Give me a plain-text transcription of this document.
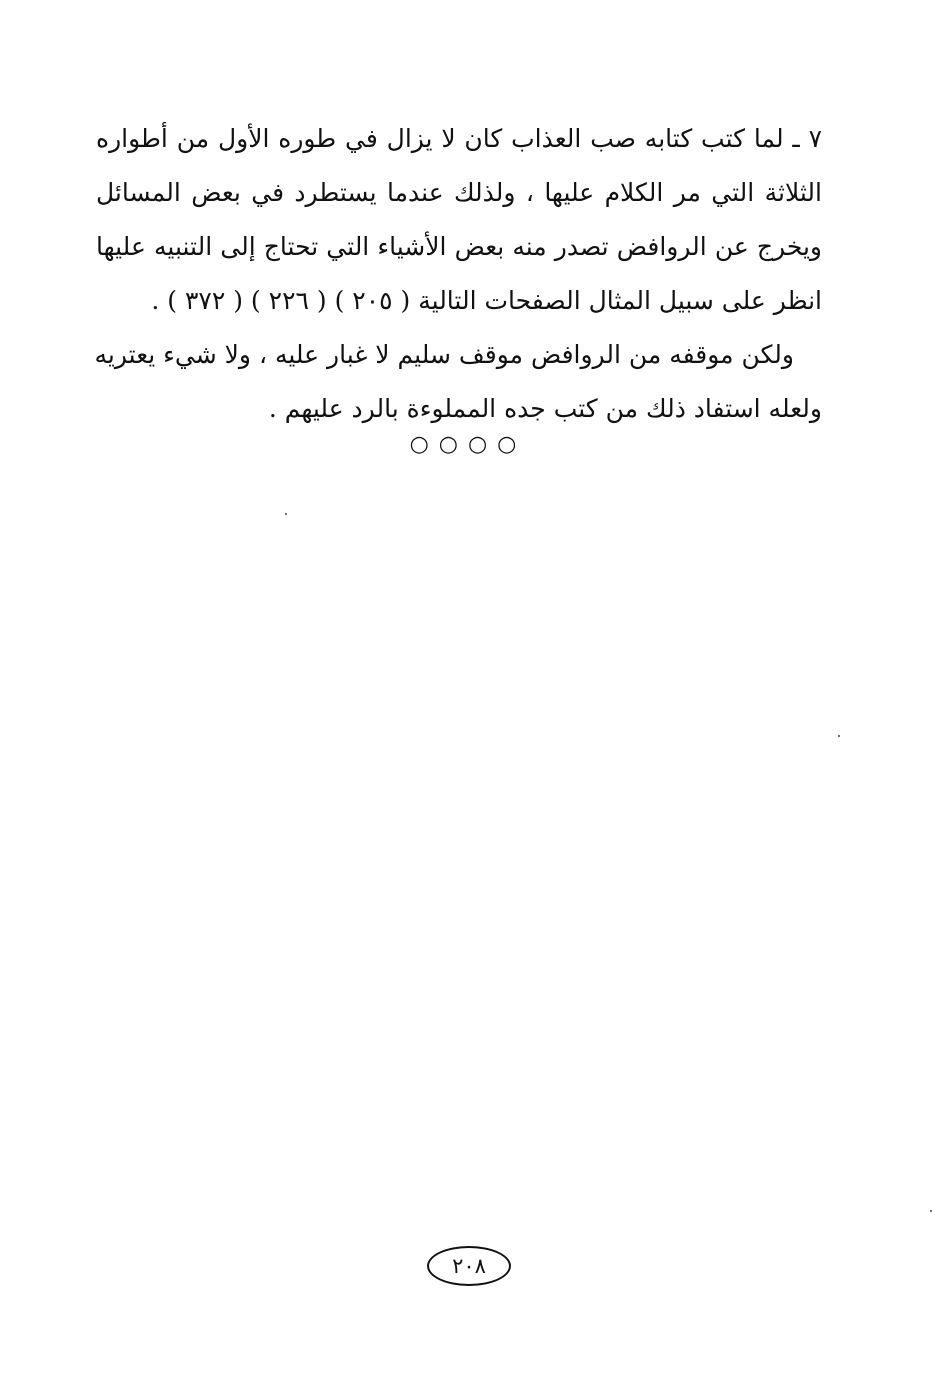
٧ ـ لما كتب كتابه صب العذاب كان لا يزال في طوره الأول من أطواره
الثلاثة التي مر الكلام عليها ، ولذلك عندما يستطرد في بعض المسائل
ويخرج عن الروافض تصدر منه بعض الأشياء التي تحتاج إلى التنبيه عليها
انظر على سبيل المثال الصفحات التالية ( ٢٠٥ ) ( ٢٢٦ ) ( ٣٧٢ ) .
ولكن موقفه من الروافض موقف سليم لا غبار عليه ، ولا شيء يعتريه
ولعله استفاد ذلك من كتب جده المملوءة بالرد عليهم .
○○○○
٢٠٨
